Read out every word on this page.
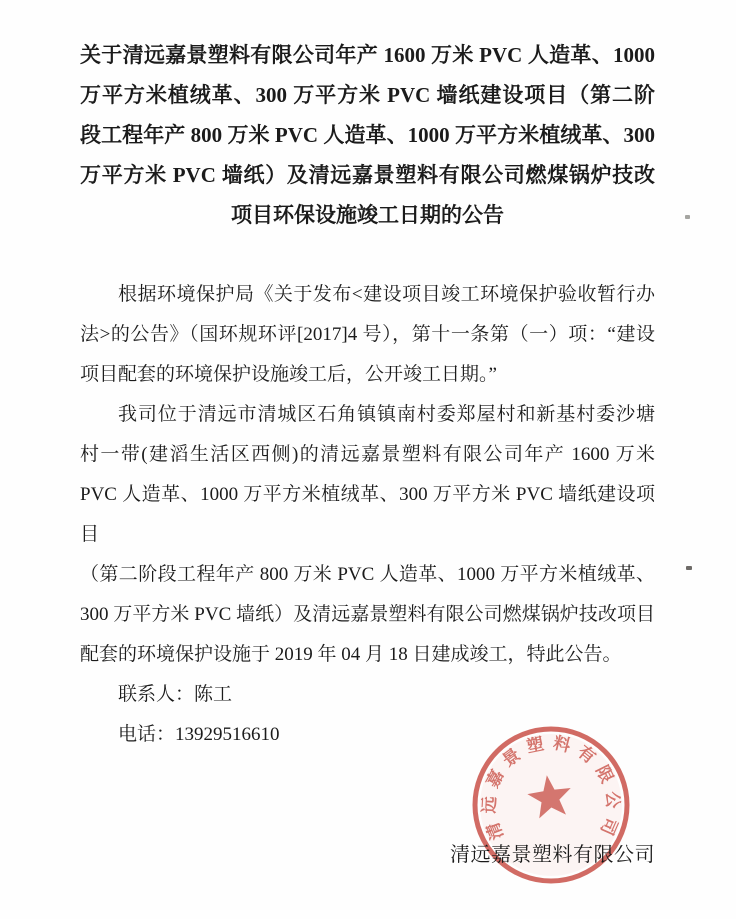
关于清远嘉景塑料有限公司年产 1600 万米 PVC 人造革、1000
万平方米植绒革、300 万平方米 PVC 墙纸建设项目（第二阶
段工程年产 800 万米 PVC 人造革、1000 万平方米植绒革、300
万平方米 PVC 墙纸）及清远嘉景塑料有限公司燃煤锅炉技改
项目环保设施竣工日期的公告
根据环境保护局《关于发布<建设项目竣工环境保护验收暂行办
法>的公告》（国环规环评[2017]4 号），第十一条第（一）项：“建设
项目配套的环境保护设施竣工后，公开竣工日期。”
我司位于清远市清城区石角镇镇南村委郑屋村和新基村委沙塘
村一带(建滔生活区西侧)的清远嘉景塑料有限公司年产 1600 万米
PVC 人造革、1000 万平方米植绒革、300 万平方米 PVC 墙纸建设项目
（第二阶段工程年产 800 万米 PVC 人造革、1000 万平方米植绒革、
300 万平方米 PVC 墙纸）及清远嘉景塑料有限公司燃煤锅炉技改项目
配套的环境保护设施于 2019 年 04 月 18 日建成竣工，特此公告。
联系人：陈工
电话：13929516610
清远嘉景塑料有限公司
清远嘉景塑料有限公司
